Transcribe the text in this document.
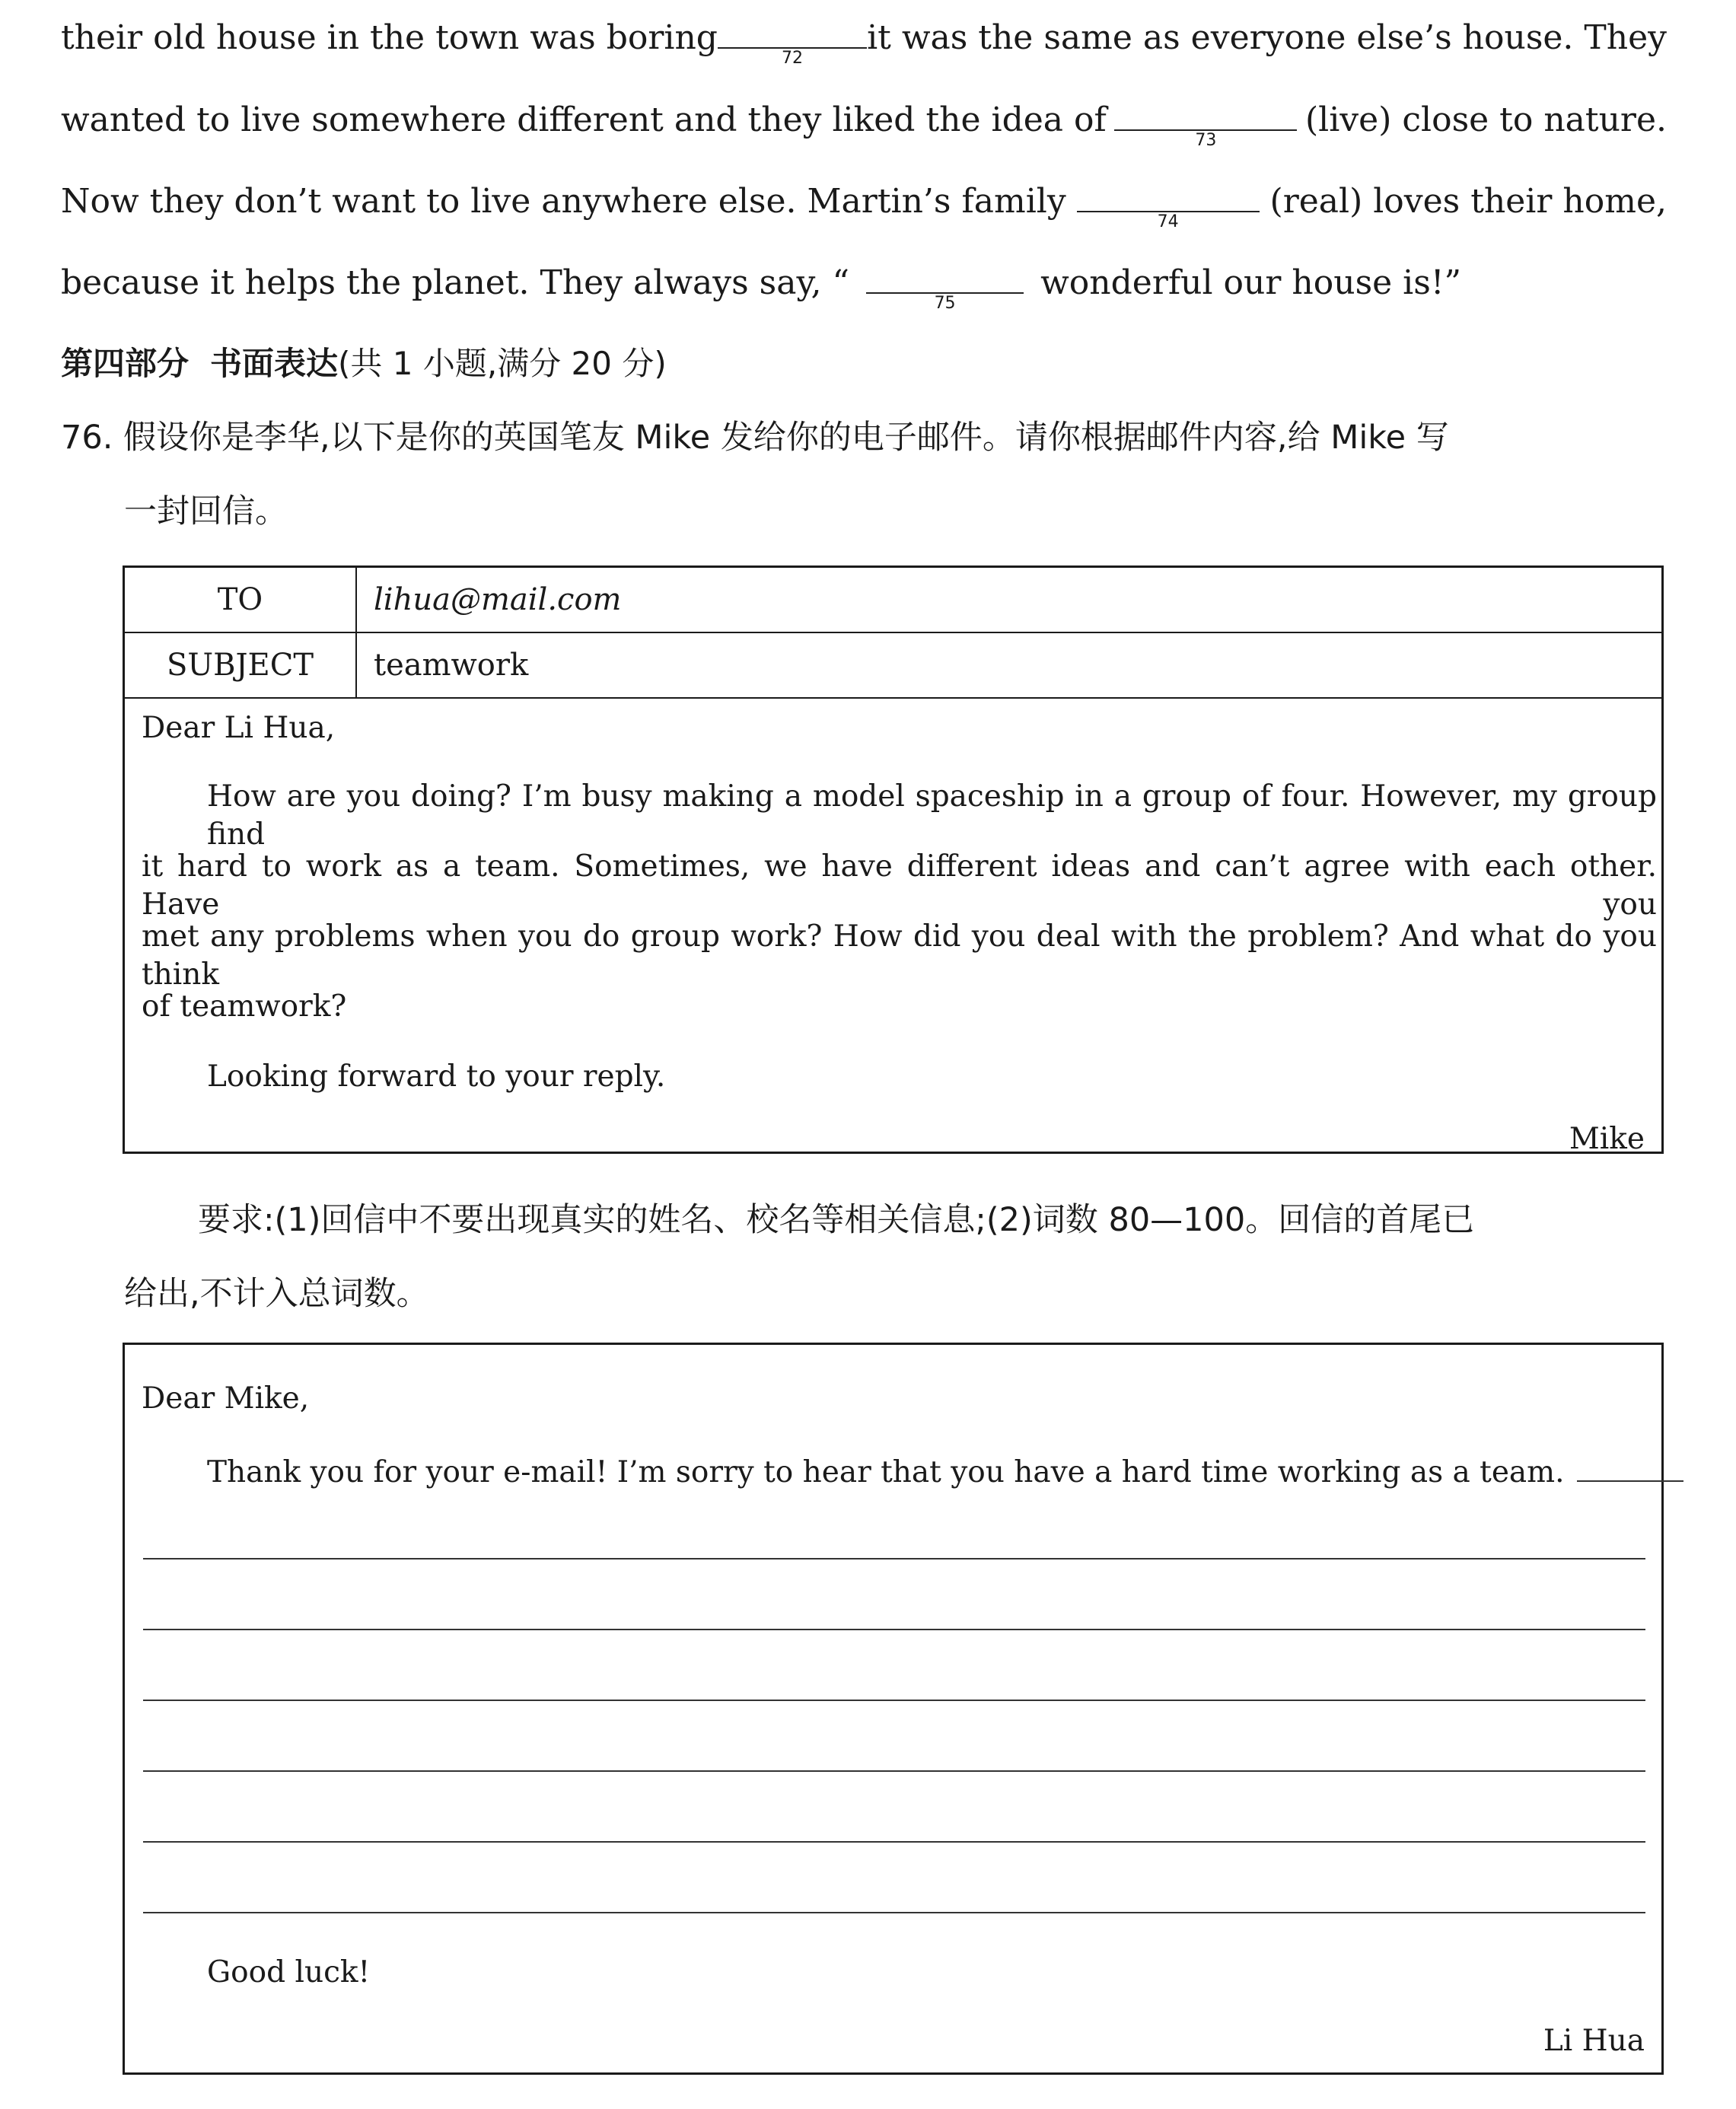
their old house in the town was boring
72
it was the same as everyone else’s house. They
wanted to live somewhere different and they liked the idea of
73
(live) close to nature.
Now they don’t want to live anywhere else. Martin’s family
74
(real) loves their home,
because it helps the planet. They always say, “
75
wonderful our house is!”
第四部分 书面表达(共 1 小题,满分 20 分)
76. 假设你是李华,以下是你的英国笔友 Mike 发给你的电子邮件。请你根据邮件内容,给 Mike 写
一封回信。
TO	lihua@mail.com
SUBJECT	teamwork
Dear Li Hua,
How are you doing? I’m busy making a model spaceship in a group of four. However, my group find
it hard to work as a team. Sometimes, we have different ideas and can’t agree with each other. Have you
met any problems when you do group work? How did you deal with the problem? And what do you think
of teamwork?
Looking forward to your reply.
Mike
要求:(1)回信中不要出现真实的姓名、校名等相关信息;(2)词数 80—100。回信的首尾已
给出,不计入总词数。
Dear Mike,
Thank you for your e-mail! I’m sorry to hear that you have a hard time working as a team.
Good luck!
Li Hua
